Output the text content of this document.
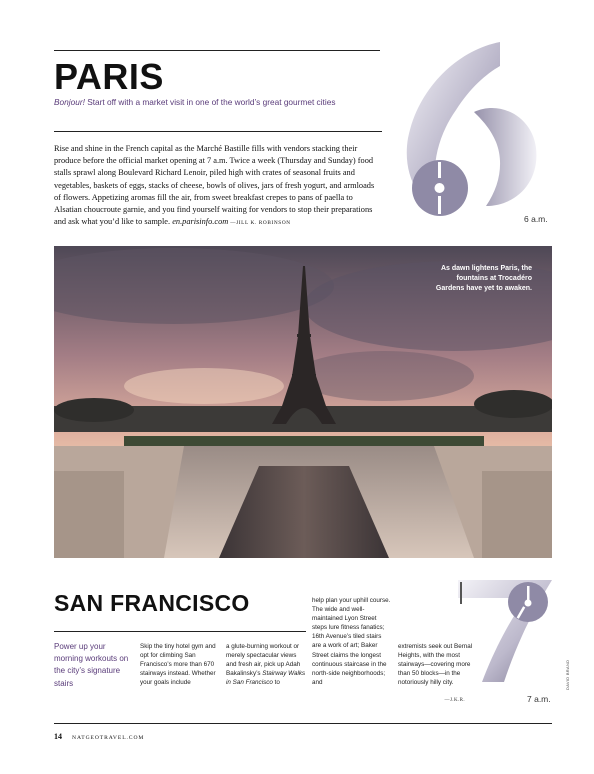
PARIS
Bonjour! Start off with a market visit in one of the world’s great gourmet cities

Rise and shine in the French capital as the Marché Bastille fills with vendors stacking their produce before the official market opening at 7 a.m. Twice a week (Thursday and Sunday) food stalls sprawl along Boulevard Richard Lenoir, piled high with crates of seasonal fruits and vegetables, baskets of eggs, stacks of cheese, bowls of olives, jars of fresh yogurt, and armloads of flowers. Appetizing aromas fill the air, from sweet breakfast crepes to pans of paella to Alsatian choucroute garnie, and you find yourself waiting for vendors to stop their preparations and ask what you’d like to sample. en.parisinfo.com —JILL K. ROBINSON	6 a.m.
As dawn lightens Paris, the fountains at Trocadéro Gardens have yet to awaken.
SAN FRANCISCO

Power up your morning workouts on the city’s signature stairs

Skip the tiny hotel gym and opt for climbing San Francisco’s more than 670 stairways instead. Whether your goals include

a glute-burning workout or merely spectacular views and fresh air, pick up Adah Bakalinsky’s Stairway Walks in San Francisco to

help plan your uphill course. The wide and well-maintained Lyon Street steps lure fitness fanatics; 16th Avenue’s tiled stairs are a work of art; Baker Street claims the longest continuous staircase in the north-side neighborhoods; and

extremists seek out Bernal Heights, with the most stairways—covering more than 50 blocks—in the notoriously hilly city.

—J.K.R.	7 a.m.
DAVID BRAND
14 NATGEOTRAVEL.COM
